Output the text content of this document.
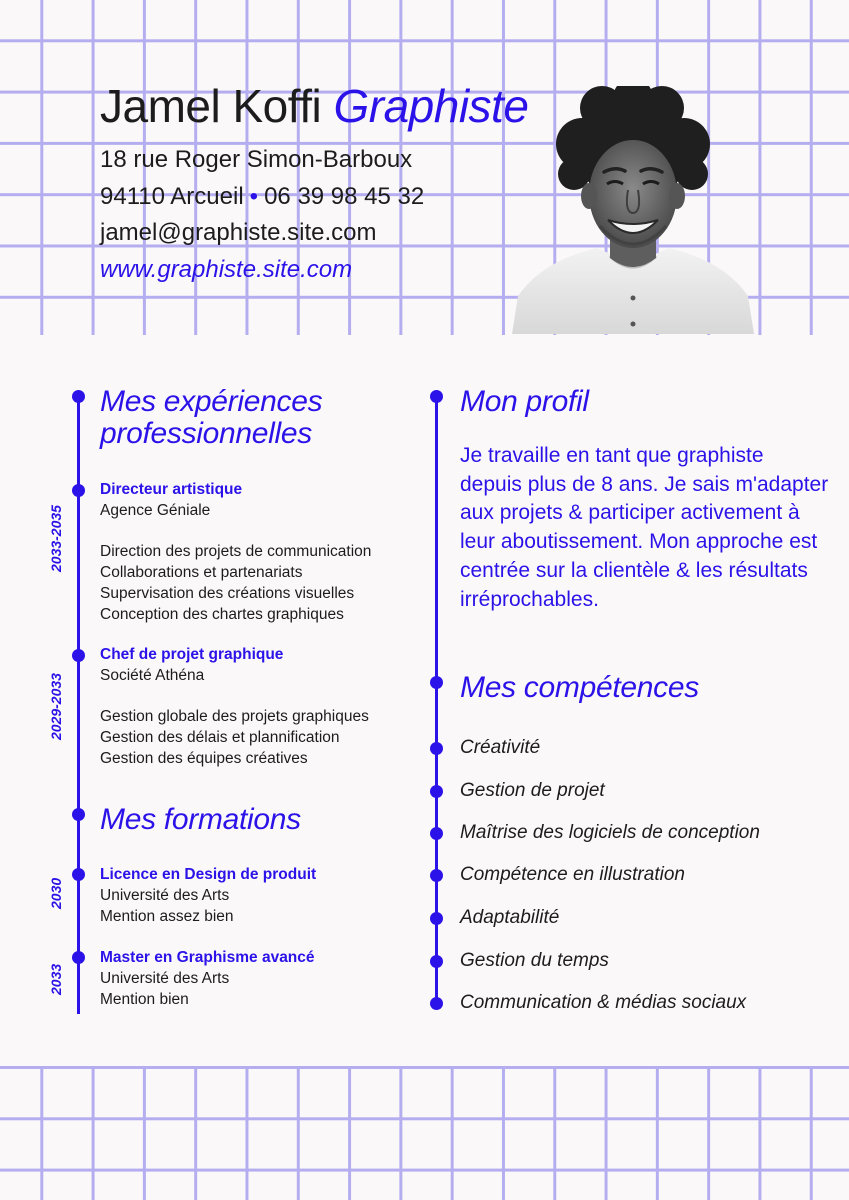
Jamel Koffi Graphiste
18 rue Roger Simon-Barboux
94110 Arcueil • 06 39 98 45 32
jamel@graphiste.site.com
www.graphiste.site.com
Mes expériences
professionnelles
2033-2035
Directeur artistique
Agence Géniale
Direction des projets de communication
Collaborations et partenariats
Supervisation des créations visuelles
Conception des chartes graphiques
2029-2033
Chef de projet graphique
Société Athéna
Gestion globale des projets graphiques
Gestion des délais et plannification
Gestion des équipes créatives
Mes formations
2030
Licence en Design de produit
Université des Arts
Mention assez bien
2033
Master en Graphisme avancé
Université des Arts
Mention bien
Mon profil
Je travaille en tant que graphiste depuis plus de 8 ans. Je sais m'adapter aux projets & participer activement à leur aboutissement. Mon approche est centrée sur la clientèle & les résultats irréprochables.
Mes compétences
Créativité
Gestion de projet
Maîtrise des logiciels de conception
Compétence en illustration
Adaptabilité
Gestion du temps
Communication & médias sociaux
